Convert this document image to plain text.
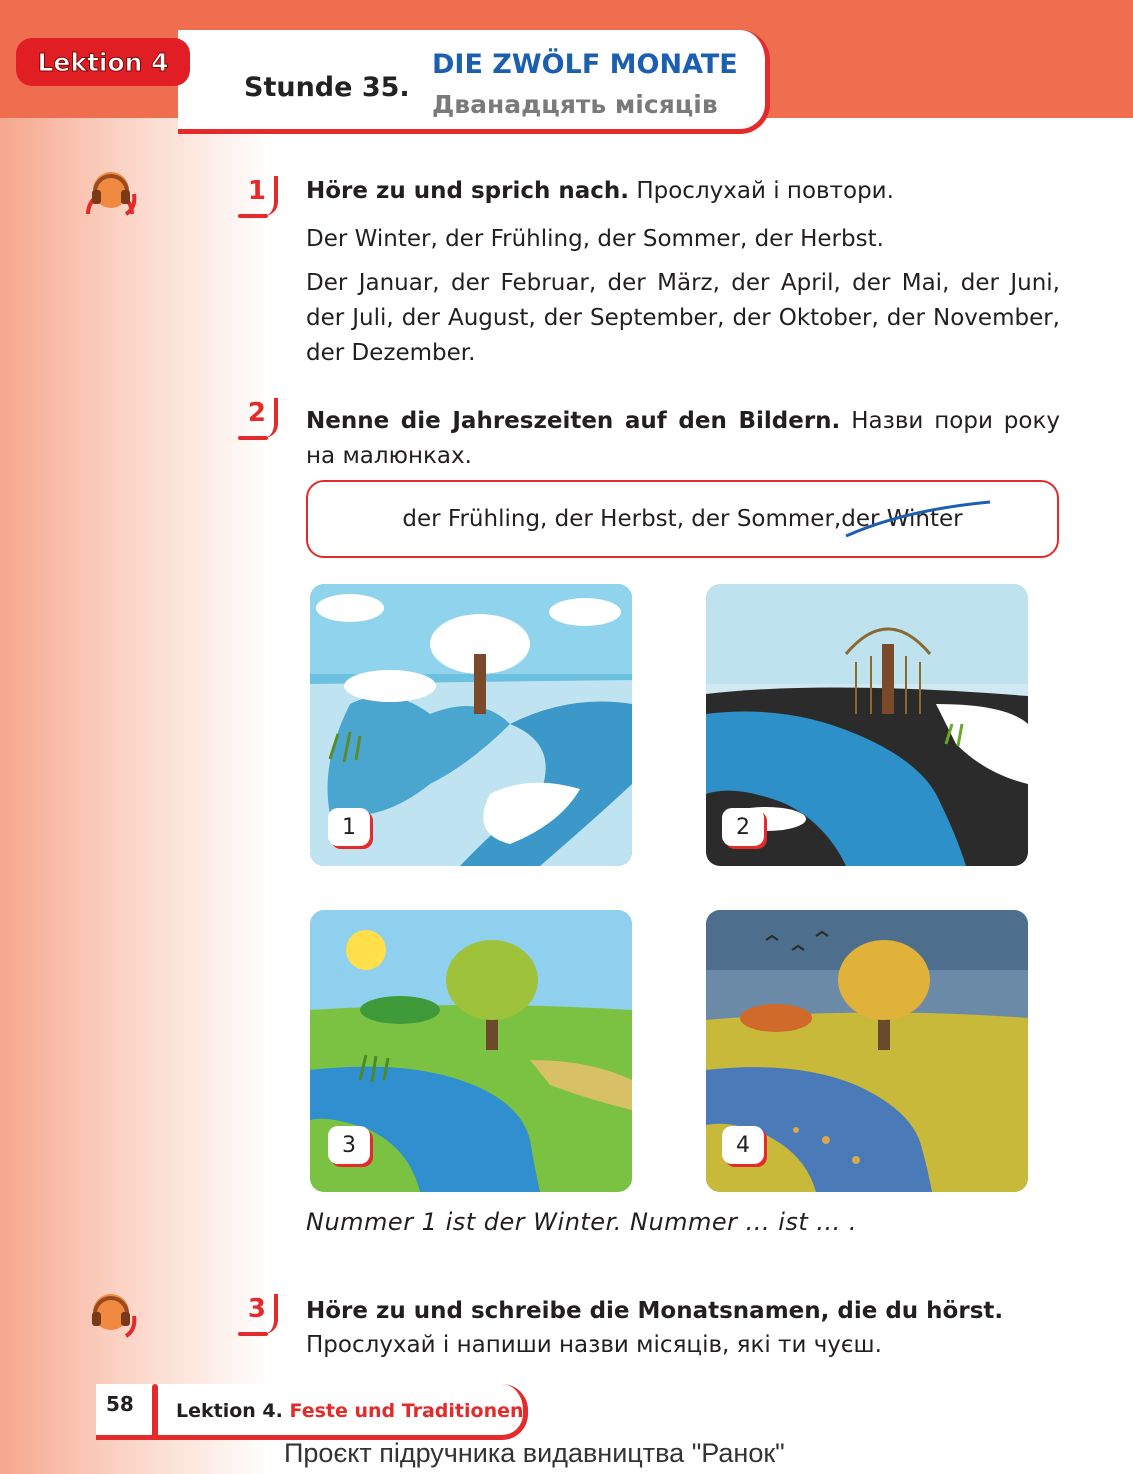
Lektion 4
Stunde 35.
DIE ZWÖLF MONATE
Дванадцять місяців
1 Höre zu und sprich nach. Прослухай і повтори.
Der Winter, der Frühling, der Sommer, der Herbst.
Der Januar, der Februar, der März, der April, der Mai, der Juni, der Juli, der August, der September, der Oktober, der November, der Dezember.
2 Nenne die Jahreszeiten auf den Bildern. Назви пори року на малюнках.
der Frühling, der Herbst, der Sommer, der Winter
1	2
3	4
Nummer 1 ist der Winter. Nummer ... ist ... .
3 Höre zu und schreibe die Monatsnamen, die du hörst.
Прослухай і напиши назви місяців, які ти чуєш.
58 Lektion 4. Feste und Traditionen
Проєкт підручника видавництва "Ранок"
